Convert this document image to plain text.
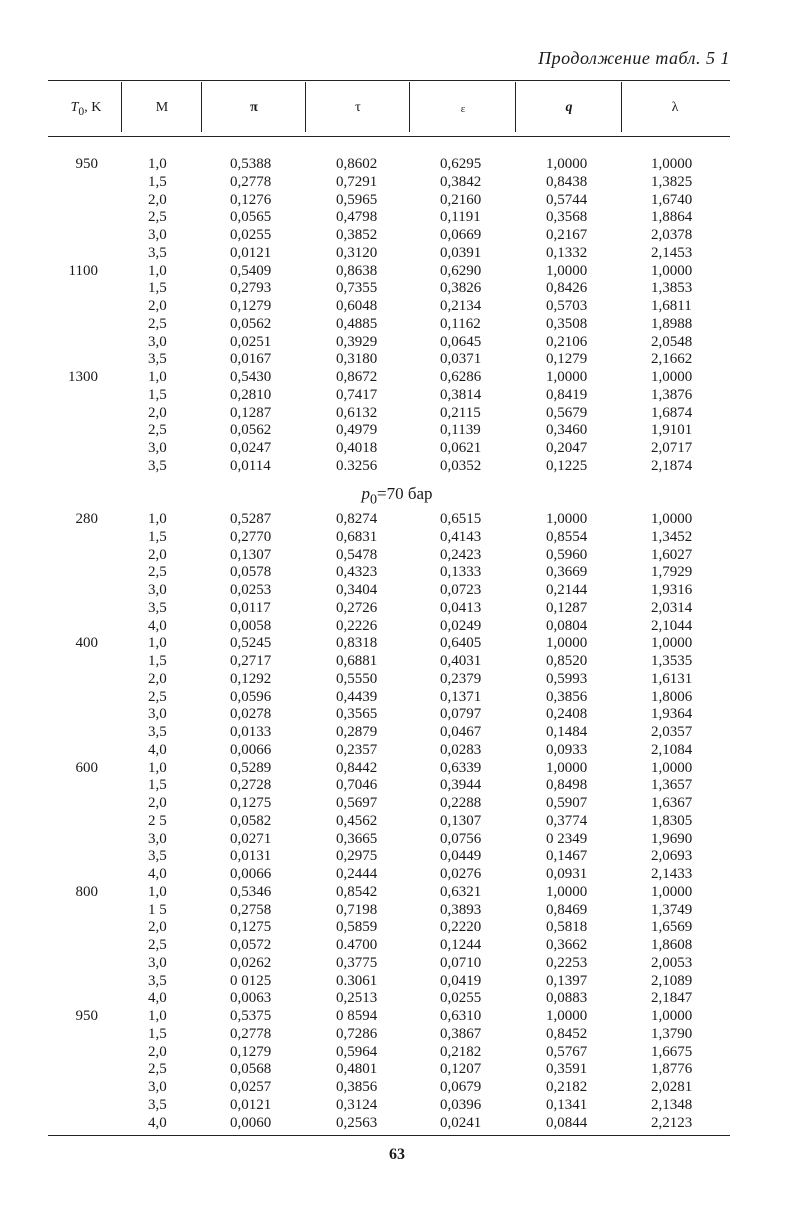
Продолжение табл. 5 1
$T_0$, K	M	π	τ	ε	q	λ
950	1,0	0,5388	0,8602	0,6295	1,0000	1,0000
1,5	0,2778	0,7291	0,3842	0,8438	1,3825
2,0	0,1276	0,5965	0,2160	0,5744	1,6740
2,5	0,0565	0,4798	0,1191	0,3568	1,8864
3,0	0,0255	0,3852	0,0669	0,2167	2,0378
3,5	0,0121	0,3120	0,0391	0,1332	2,1453
1100	1,0	0,5409	0,8638	0,6290	1,0000	1,0000
1,5	0,2793	0,7355	0,3826	0,8426	1,3853
2,0	0,1279	0,6048	0,2134	0,5703	1,6811
2,5	0,0562	0,4885	0,1162	0,3508	1,8988
3,0	0,0251	0,3929	0,0645	0,2106	2,0548
3,5	0,0167	0,3180	0,0371	0,1279	2,1662
1300	1,0	0,5430	0,8672	0,6286	1,0000	1,0000
1,5	0,2810	0,7417	0,3814	0,8419	1,3876
2,0	0,1287	0,6132	0,2115	0,5679	1,6874
2,5	0,0562	0,4979	0,1139	0,3460	1,9101
3,0	0,0247	0,4018	0,0621	0,2047	2,0717
3,5	0,0114	0.3256	0,0352	0,1225	2,1874
$p_0=70$ бар
280	1,0	0,5287	0,8274	0,6515	1,0000	1,0000
1,5	0,2770	0,6831	0,4143	0,8554	1,3452
2,0	0,1307	0,5478	0,2423	0,5960	1,6027
2,5	0,0578	0,4323	0,1333	0,3669	1,7929
3,0	0,0253	0,3404	0,0723	0,2144	1,9316
3,5	0,0117	0,2726	0,0413	0,1287	2,0314
4,0	0,0058	0,2226	0,0249	0,0804	2,1044
400	1,0	0,5245	0,8318	0,6405	1,0000	1,0000
1,5	0,2717	0,6881	0,4031	0,8520	1,3535
2,0	0,1292	0,5550	0,2379	0,5993	1,6131
2,5	0,0596	0,4439	0,1371	0,3856	1,8006
3,0	0,0278	0,3565	0,0797	0,2408	1,9364
3,5	0,0133	0,2879	0,0467	0,1484	2,0357
4,0	0,0066	0,2357	0,0283	0,0933	2,1084
600	1,0	0,5289	0,8442	0,6339	1,0000	1,0000
1,5	0,2728	0,7046	0,3944	0,8498	1,3657
2,0	0,1275	0,5697	0,2288	0,5907	1,6367
2 5	0,0582	0,4562	0,1307	0,3774	1,8305
3,0	0,0271	0,3665	0,0756	0 2349	1,9690
3,5	0,0131	0,2975	0,0449	0,1467	2,0693
4,0	0,0066	0,2444	0,0276	0,0931	2,1433
800	1,0	0,5346	0,8542	0,6321	1,0000	1,0000
1 5	0,2758	0,7198	0,3893	0,8469	1,3749
2,0	0,1275	0,5859	0,2220	0,5818	1,6569
2,5	0,0572	0.4700	0,1244	0,3662	1,8608
3,0	0,0262	0,3775	0,0710	0,2253	2,0053
3,5	0 0125	0.3061	0,0419	0,1397	2,1089
4,0	0,0063	0,2513	0,0255	0,0883	2,1847
950	1,0	0,5375	0 8594	0,6310	1,0000	1,0000
1,5	0,2778	0,7286	0,3867	0,8452	1,3790
2,0	0,1279	0,5964	0,2182	0,5767	1,6675
2,5	0,0568	0,4801	0,1207	0,3591	1,8776
3,0	0,0257	0,3856	0,0679	0,2182	2,0281
3,5	0,0121	0,3124	0,0396	0,1341	2,1348
4,0	0,0060	0,2563	0,0241	0,0844	2,2123
63
